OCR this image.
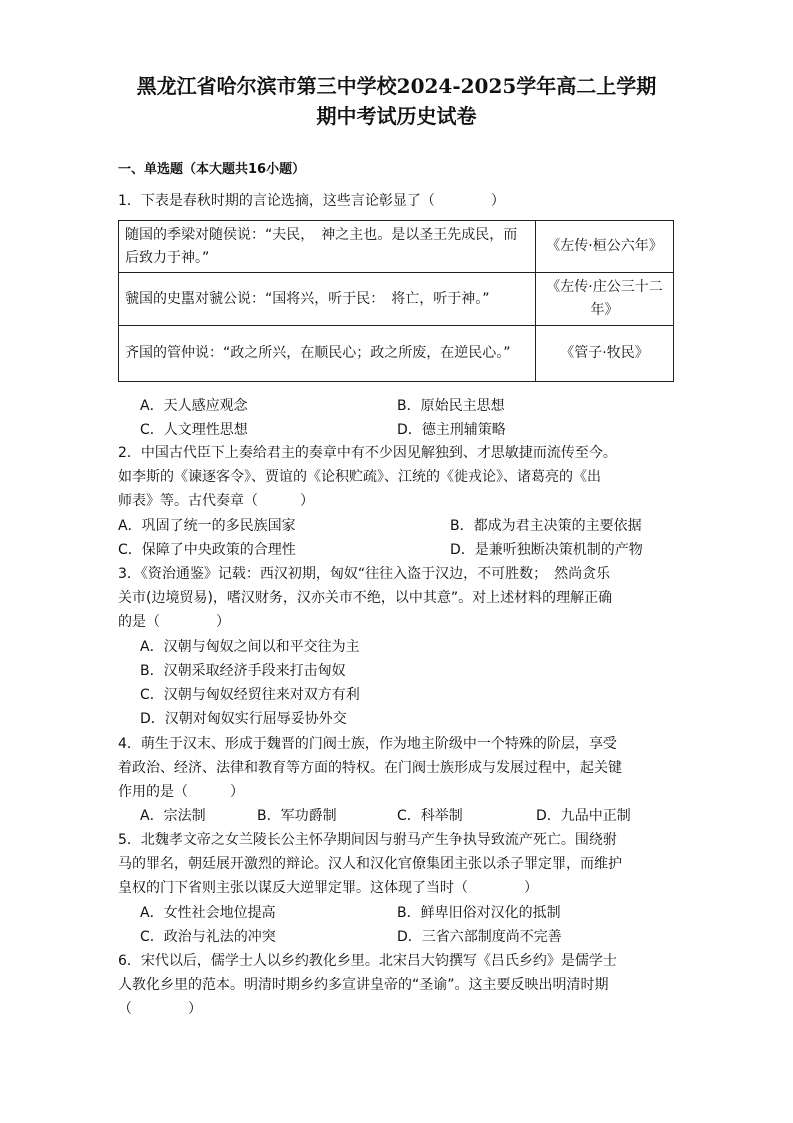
黑龙江省哈尔滨市第三中学校2024-2025学年高二上学期
期中考试历史试卷
一、单选题（本大题共16小题）
1．下表是春秋时期的言论选摘，这些言论彰显了（　　　　）
随国的季梁对随侯说：“夫民，　神之主也。是以圣王先成民，而后致力于神。”	《左传·桓公六年》
虢国的史嚚对虢公说：“国将兴，听于民：　将亡，听于神。”	《左传·庄公三十二年》
齐国的管仲说：“政之所兴，在顺民心；政之所废，在逆民心。”	《管子·牧民》
A．天人感应观念	B．原始民主思想
C．人文理性思想	D．德主刑辅策略
2．中国古代臣下上奏给君主的奏章中有不少因见解独到、才思敏捷而流传至今。
如李斯的《谏逐客令》、贾谊的《论积贮疏》、江统的《徙戎论》、诸葛亮的《出
师表》等。古代奏章（　　　）
A．巩固了统一的多民族国家	B．都成为君主决策的主要依据
C．保障了中央政策的合理性	D．是兼听独断决策机制的产物
3．《资治通鉴》记载：西汉初期，匈奴“往往入盗于汉边，不可胜数；　然尚贪乐
关市(边境贸易)，嗜汉财务，汉亦关市不绝，以中其意”。对上述材料的理解正确
的是（　　　　）
A．汉朝与匈奴之间以和平交往为主
B．汉朝采取经济手段来打击匈奴
C．汉朝与匈奴经贸往来对双方有利
D．汉朝对匈奴实行屈辱妥协外交
4．萌生于汉末、形成于魏晋的门阀士族，作为地主阶级中一个特殊的阶层，享受
着政治、经济、法律和教育等方面的特权。在门阀士族形成与发展过程中，起关键
作用的是（　　　）
A．宗法制	B．军功爵制	C．科举制	D．九品中正制
5．北魏孝文帝之女兰陵长公主怀孕期间因与驸马产生争执导致流产死亡。围绕驸
马的罪名，朝廷展开激烈的辩论。汉人和汉化官僚集团主张以杀子罪定罪，而维护
皇权的门下省则主张以谋反大逆罪定罪。这体现了当时（　　　　）
A．女性社会地位提高	B．鲜卑旧俗对汉化的抵制
C．政治与礼法的冲突	D．三省六部制度尚不完善
6．宋代以后，儒学士人以乡约教化乡里。北宋吕大钧撰写《吕氏乡约》是儒学士
人教化乡里的范本。明清时期乡约多宣讲皇帝的“圣谕”。这主要反映出明清时期
（　　　　）
